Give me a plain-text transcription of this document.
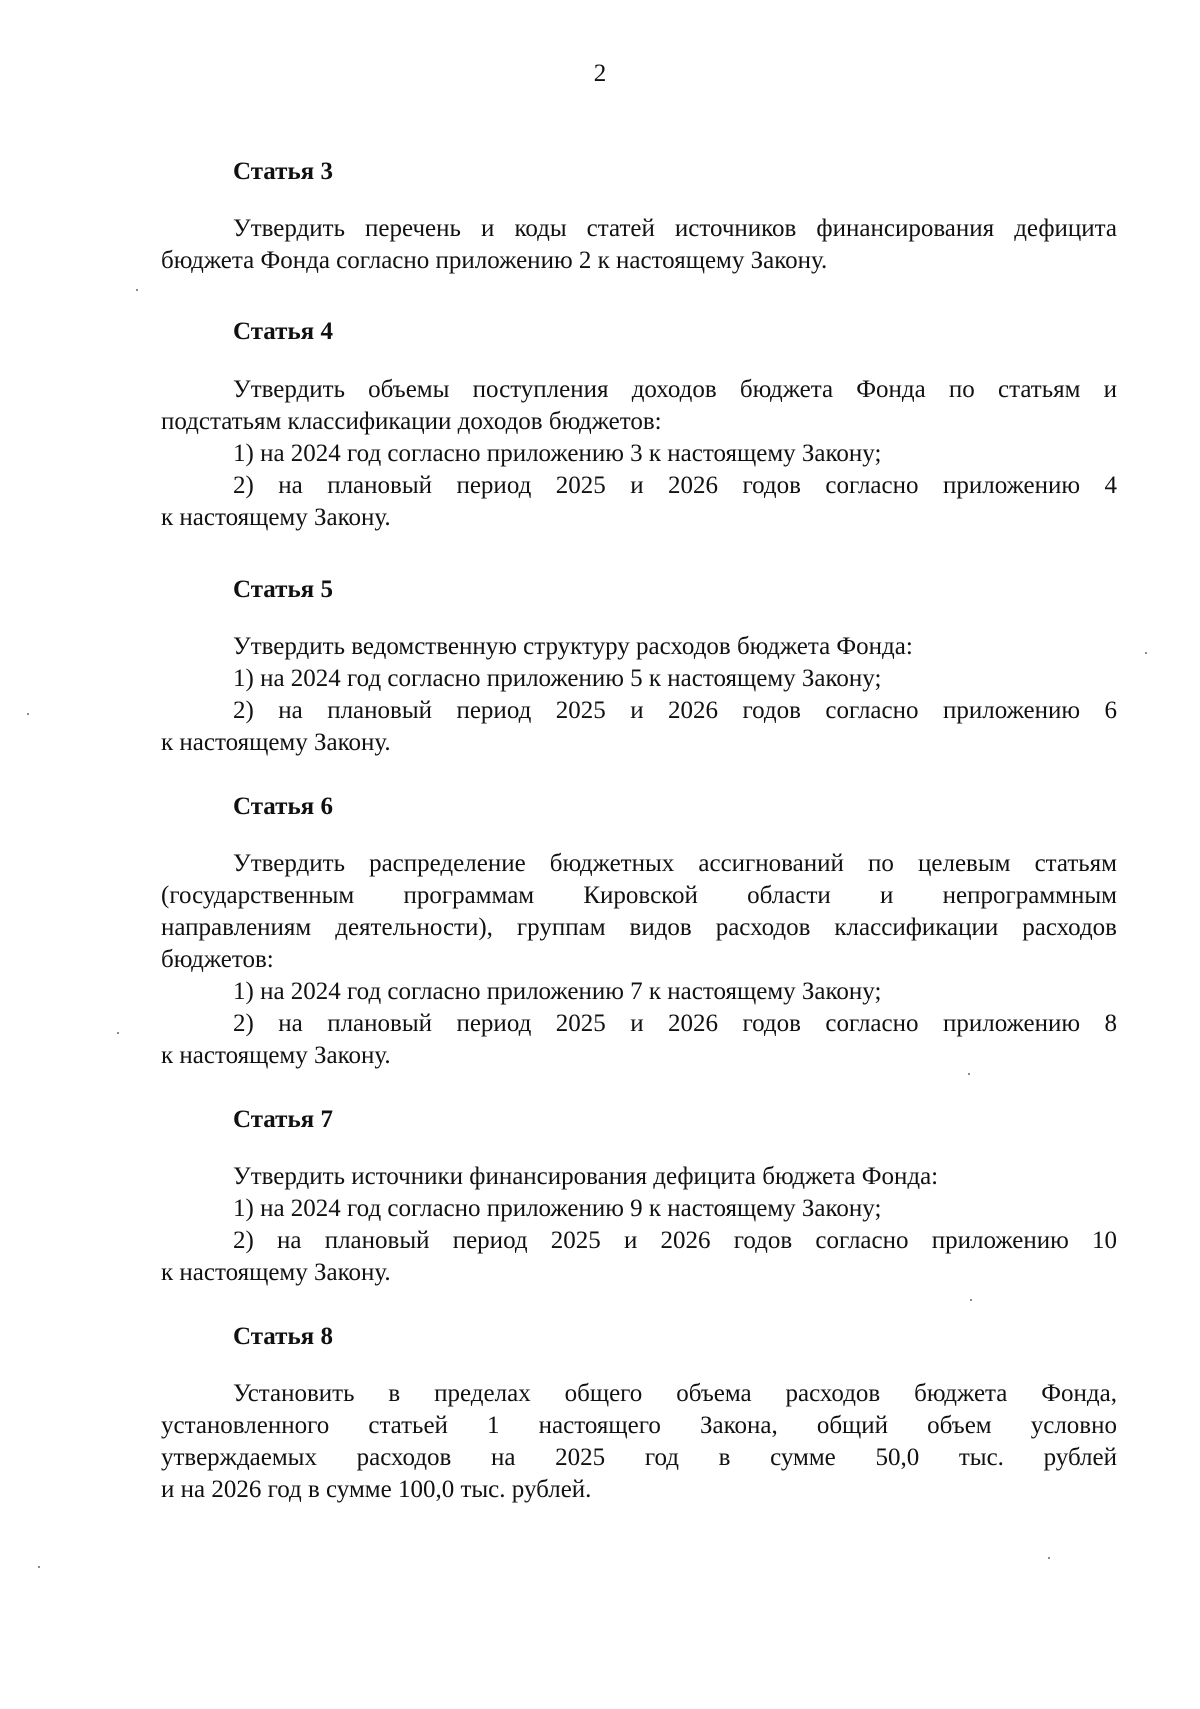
2
Статья 3
Утвердить перечень и коды статей источников финансирования дефицита
бюджета Фонда согласно приложению 2 к настоящему Закону.
Статья 4
Утвердить объемы поступления доходов бюджета Фонда по статьям и
подстатьям классификации доходов бюджетов:
1) на 2024 год согласно приложению 3 к настоящему Закону;
2) на плановый период 2025 и 2026 годов согласно приложению 4
к настоящему Закону.
Статья 5
Утвердить ведомственную структуру расходов бюджета Фонда:
1) на 2024 год согласно приложению 5 к настоящему Закону;
2) на плановый период 2025 и 2026 годов согласно приложению 6
к настоящему Закону.
Статья 6
Утвердить распределение бюджетных ассигнований по целевым статьям
(государственным программам Кировской области и непрограммным
направлениям деятельности), группам видов расходов классификации расходов
бюджетов:
1) на 2024 год согласно приложению 7 к настоящему Закону;
2) на плановый период 2025 и 2026 годов согласно приложению 8
к настоящему Закону.
Статья 7
Утвердить источники финансирования дефицита бюджета Фонда:
1) на 2024 год согласно приложению 9 к настоящему Закону;
2) на плановый период 2025 и 2026 годов согласно приложению 10
к настоящему Закону.
Статья 8
Установить в пределах общего объема расходов бюджета Фонда,
установленного статьей 1 настоящего Закона, общий объем условно
утверждаемых расходов на 2025 год в сумме 50,0 тыс. рублей
и на 2026 год в сумме 100,0 тыс. рублей.
